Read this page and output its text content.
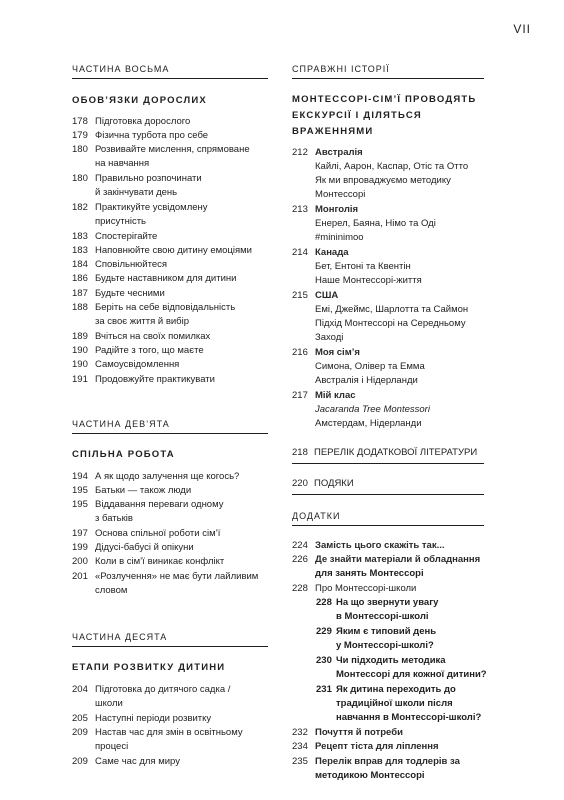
VII
ЧАСТИНА ВОСЬМА
ОБОВ’ЯЗКИ ДОРОСЛИХ
178 Підготовка дорослого
179 Фізична турбота про себе
180 Розвивайте мислення, спрямоване
на навчання
180 Правильно розпочинати
й закінчувати день
182 Практикуйте усвідомлену
присутність
183 Спостерігайте
183 Наповнюйте свою дитину емоціями
184 Сповільнюйтеся
186 Будьте наставником для дитини
187 Будьте чесними
188 Беріть на себе відповідальність
за своє життя й вибір
189 Вчіться на своїх помилках
190 Радійте з того, що маєте
190 Самоусвідомлення
191 Продовжуйте практикувати
ЧАСТИНА ДЕВ’ЯТА
СПІЛЬНА РОБОТА
194 А як щодо залучення ще когось?
195 Батьки — також люди
195 Віддавання переваги одному
з батьків
197 Основа спільної роботи сім’ї
199 Дідусі-бабусі й опікуни
200 Коли в сім’ї виникає конфлікт
201 «Розлучення» не має бути лайливим
словом
ЧАСТИНА ДЕСЯТА
ЕТАПИ РОЗВИТКУ ДИТИНИ
204 Підготовка до дитячого садка /
школи
205 Наступні періоди розвитку
209 Настав час для змін в освітньому
процесі
209 Саме час для миру
СПРАВЖНІ ІСТОРІЇ
МОНТЕССОРІ-СІМ’Ї ПРОВОДЯТЬ
ЕКСКУРСІЇ І ДІЛЯТЬСЯ
ВРАЖЕННЯМИ
212 Австралія
Кайлі, Аарон, Каспар, Отіс та Отто
Як ми впроваджуємо методику
Монтессорі
213 Монголія
Енерел, Баяна, Німо та Оді
#mininimoo
214 Канада
Бет, Ентоні та Квентін
Наше Монтессорі-життя
215 США
Емі, Джеймс, Шарлотта та Саймон
Підхід Монтессорі на Середньому
Заході
216 Моя сім’я
Симона, Олівер та Емма
Австралія і Нідерланди
217 Мій клас
Jacaranda Tree Montessori
Амстердам, Нідерланди
218 ПЕРЕЛІК ДОДАТКОВОЇ ЛІТЕРАТУРИ
220 ПОДЯКИ
ДОДАТКИ
224 Замість цього скажіть так...
226 Де знайти матеріали й обладнання
для занять Монтессорі
228 Про Монтессорі-школи
228 На що звернути увагу
в Монтессорі-школі
229 Яким є типовий день
у Монтессорі-школі?
230 Чи підходить методика
Монтессорі для кожної дитини?
231 Як дитина переходить до
традиційної школи після
навчання в Монтессорі-школі?
232 Почуття й потреби
234 Рецепт тіста для ліплення
235 Перелік вправ для тодлерів за
методикою Монтессорі
